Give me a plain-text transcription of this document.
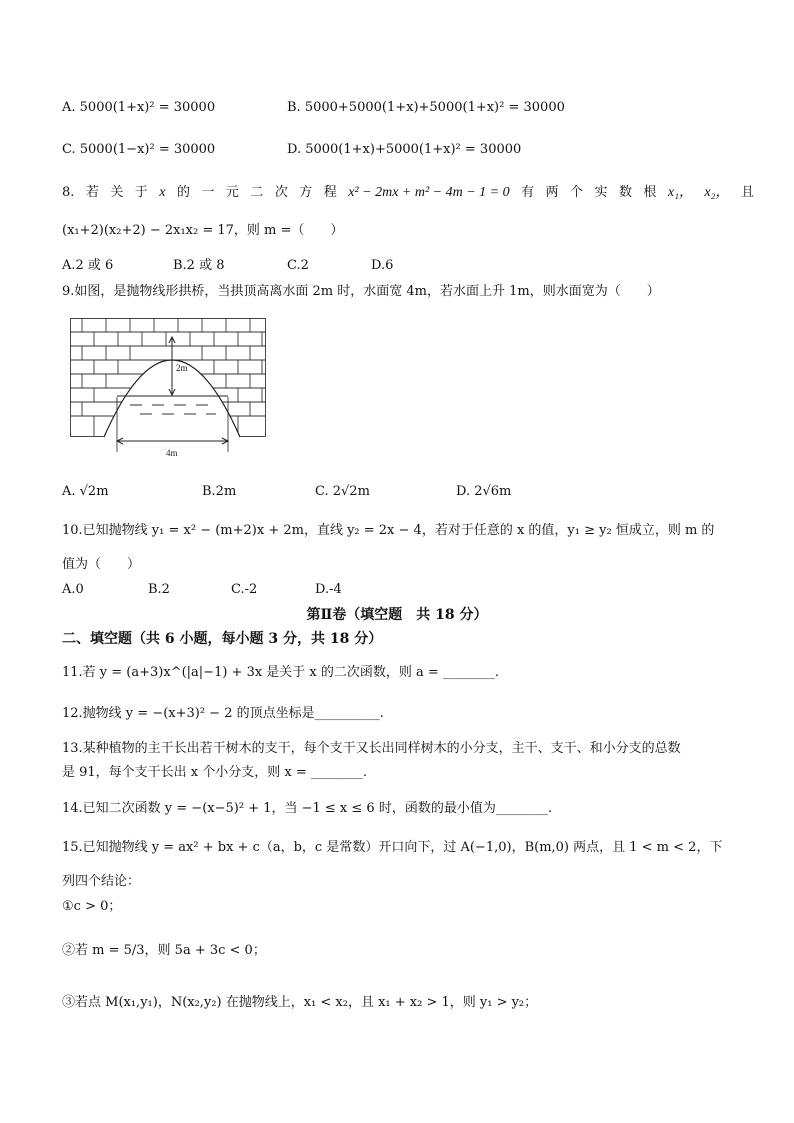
A. 5000(1+x)² = 30000	B. 5000+5000(1+x)+5000(1+x)² = 30000
C. 5000(1−x)² = 30000	D. 5000(1+x)+5000(1+x)² = 30000
8. 若 关 于 x 的 一 元 二 次 方 程 x² − 2mx + m² − 4m − 1 = 0 有 两 个 实 数 根 x₁， x₂， 且
(x₁+2)(x₂+2) − 2x₁x₂ = 17，则 m =（　　）
A.2 或 6	B.2 或 8	C.2	D.6
9.如图，是抛物线形拱桥，当拱顶高离水面 2m 时，水面宽 4m，若水面上升 1m，则水面宽为（　　）
2m
4m
A. √2m	B.2m	C. 2√2m	D. 2√6m
10.已知抛物线 y₁ = x² − (m+2)x + 2m，直线 y₂ = 2x − 4，若对于任意的 x 的值，y₁ ≥ y₂ 恒成立，则 m 的
值为（　　）
A.0	B.2	C.-2	D.-4
第Ⅱ卷（填空题　共 18 分）
二、填空题（共 6 小题，每小题 3 分，共 18 分）
11.若 y = (a+3)x^(|a|−1) + 3x 是关于 x 的二次函数，则 a = ________.
12.抛物线 y = −(x+3)² − 2 的顶点坐标是__________.
13.某种植物的主干长出若干树木的支干，每个支干又长出同样树木的小分支，主干、支干、和小分支的总数
是 91，每个支干长出 x 个小分支，则 x = ________.
14.已知二次函数 y = −(x−5)² + 1，当 −1 ≤ x ≤ 6 时，函数的最小值为________.
15.已知抛物线 y = ax² + bx + c（a，b，c 是常数）开口向下，过 A(−1,0)，B(m,0) 两点，且 1 < m < 2，下
列四个结论：
①c > 0；
②若 m = 5/3，则 5a + 3c < 0；
③若点 M(x₁,y₁)，N(x₂,y₂) 在抛物线上，x₁ < x₂，且 x₁ + x₂ > 1，则 y₁ > y₂；
